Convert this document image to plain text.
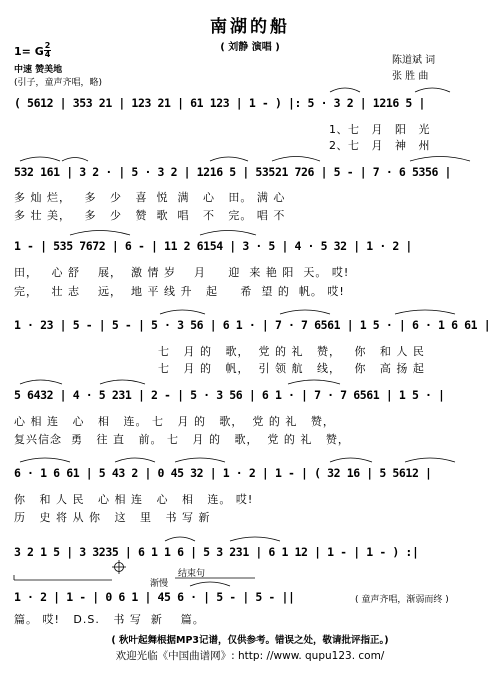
南湖的船
( 刘静 演唱 )
陈道斌 词
张 胜 曲
1= G 2
4
中速 赞美地
(引子，童声齐唱，略)
( 5612 | 353 21 | 123 21 | 61 123 | 1 - ) |: 5 · 3 2 | 1216 5 |
1、七   月   阳   光
2、七   月   神   州
532 161 | 3 2 · | 5 · 3 2 | 1216 5 | 53521 726 | 5 - | 7 · 6 5356 |
多 灿 烂，   多   少   喜  悦  满   心   田。 满 心
多 壮 美，   多   少   赞  歌  唱   不   完。 唱 不
1 - | 535 7672 | 6 - | 11 2 6154 | 3 · 5 | 4 · 5 32 | 1 · 2 |
田，   心 舒    展，  激 情 岁    月     迎  来 艳 阳  天。 哎!
完，   壮 志    远，  地 平 线 升   起     希  望 的  帆。 哎!
1 · 23 | 5 - | 5 - | 5 · 3 56 | 6 1 · | 7 · 7 6561 | 1 5 · | 6 · 1 6 61 |
七   月 的   歌，  党 的 礼   赞，   你   和 人 民
七   月 的   帆，  引 领 航   线，   你   高 扬 起
5 6432 | 4 · 5 231 | 2 - | 5 · 3 56 | 6 1 · | 7 · 7 6561 | 1 5 · |
心 相 连   心   相   连。 七   月 的   歌，  党 的 礼   赞，
复兴信念  勇   往 直   前。 七   月 的   歌，  党 的 礼   赞，
6 · 1 6 61 | 5 43 2 | 0 45 32 | 1 · 2 | 1 - | ( 32 16 | 5 5612 |
你   和 人 民   心 相 连   心   相   连。 哎!
历   史 将 从 你   这   里   书 写 新
3 2 1 5 | 3 3235 | 6 1 1 6 | 5 3 231 | 6 1 12 | 1 - | 1 - ) :|
渐慢
结束句
1 · 2 | 1 - | 0 6 1 | 45 6 · | 5 - | 5 - ||	( 童声齐唱，渐弱而终 )
篇。 哎!   D.S.   书 写  新    篇。
( 秋叶起舞根据MP3记谱，仅供参考。错误之处，敬请批评指正。)
欢迎光临《中国曲谱网》: http: //www. qupu123. com/
